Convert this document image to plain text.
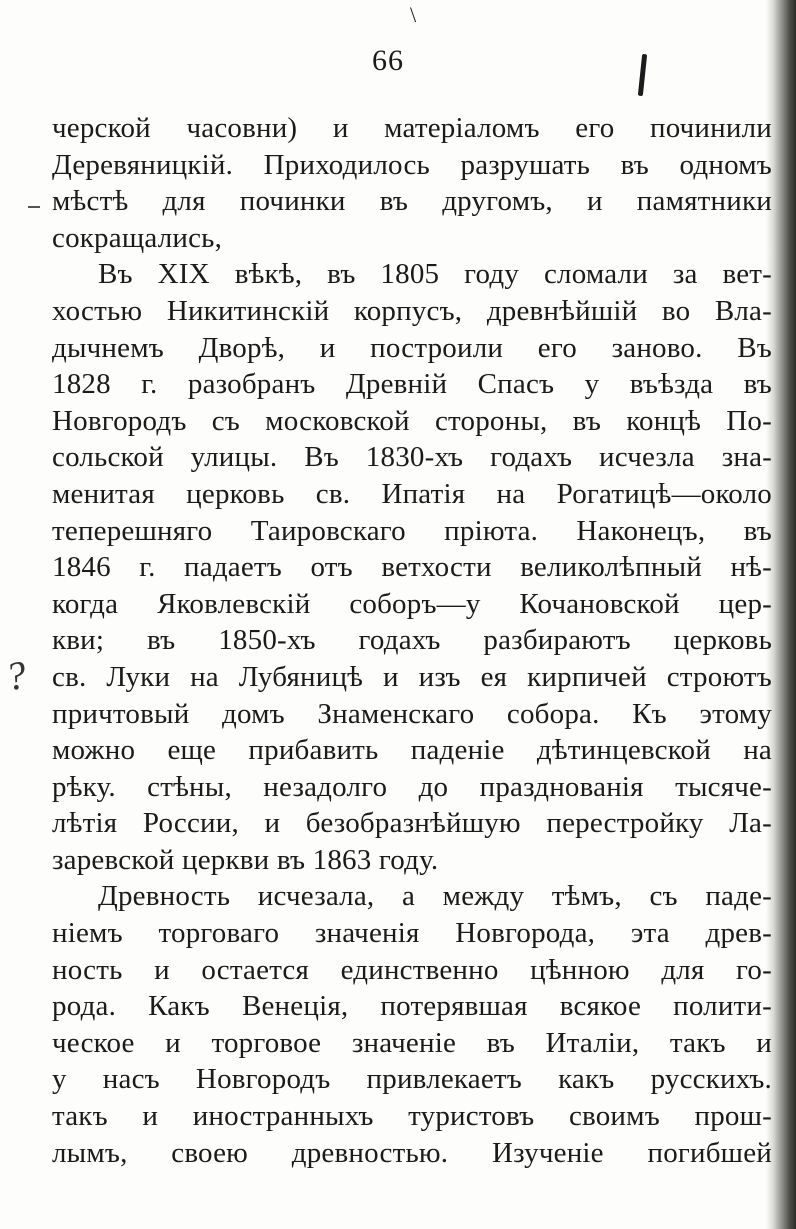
\
66
?
черской часовни) и матеріаломъ его починили
Деревяницкій. Приходилось разрушать въ одномъ
мѣстѣ для починки въ другомъ, и памятники
сокращались,
Въ XIX вѣкѣ, въ 1805 году сломали за вет-
хостью Никитинскій корпусъ, древнѣйшій во Вла-
дычнемъ Дворѣ, и построили его заново. Въ
1828 г. разобранъ Древній Спасъ у въѣзда въ
Новгородъ съ московской стороны, въ концѣ По-
сольской улицы. Въ 1830-хъ годахъ исчезла зна-
менитая церковь св. Ипатія на Рогатицѣ—около
теперешняго Таировскаго пріюта. Наконецъ, въ
1846 г. падаетъ отъ ветхости великолѣпный нѣ-
когда Яковлевскій соборъ—у Кочановской цер-
кви; въ 1850-хъ годахъ разбираютъ церковь
св. Луки на Лубяницѣ и изъ ея кирпичей строютъ
причтовый домъ Знаменскаго собора. Къ этому
можно еще прибавить паденіе дѣтинцевской на
рѣку. стѣны, незадолго до празднованія тысяче-
лѣтія России, и безобразнѣйшую перестройку Ла-
заревской церкви въ 1863 году.
Древность исчезала, а между тѣмъ, съ паде-
ніемъ торговаго значенія Новгорода, эта древ-
ность и остается единственно цѣнною для го-
рода. Какъ Венеція, потерявшая всякое полити-
ческое и торговое значеніе въ Италіи, такъ и
у насъ Новгородъ привлекаетъ какъ русскихъ.
такъ и иностранныхъ туристовъ своимъ прош-
лымъ, своею древностью. Изученіе погибшей
